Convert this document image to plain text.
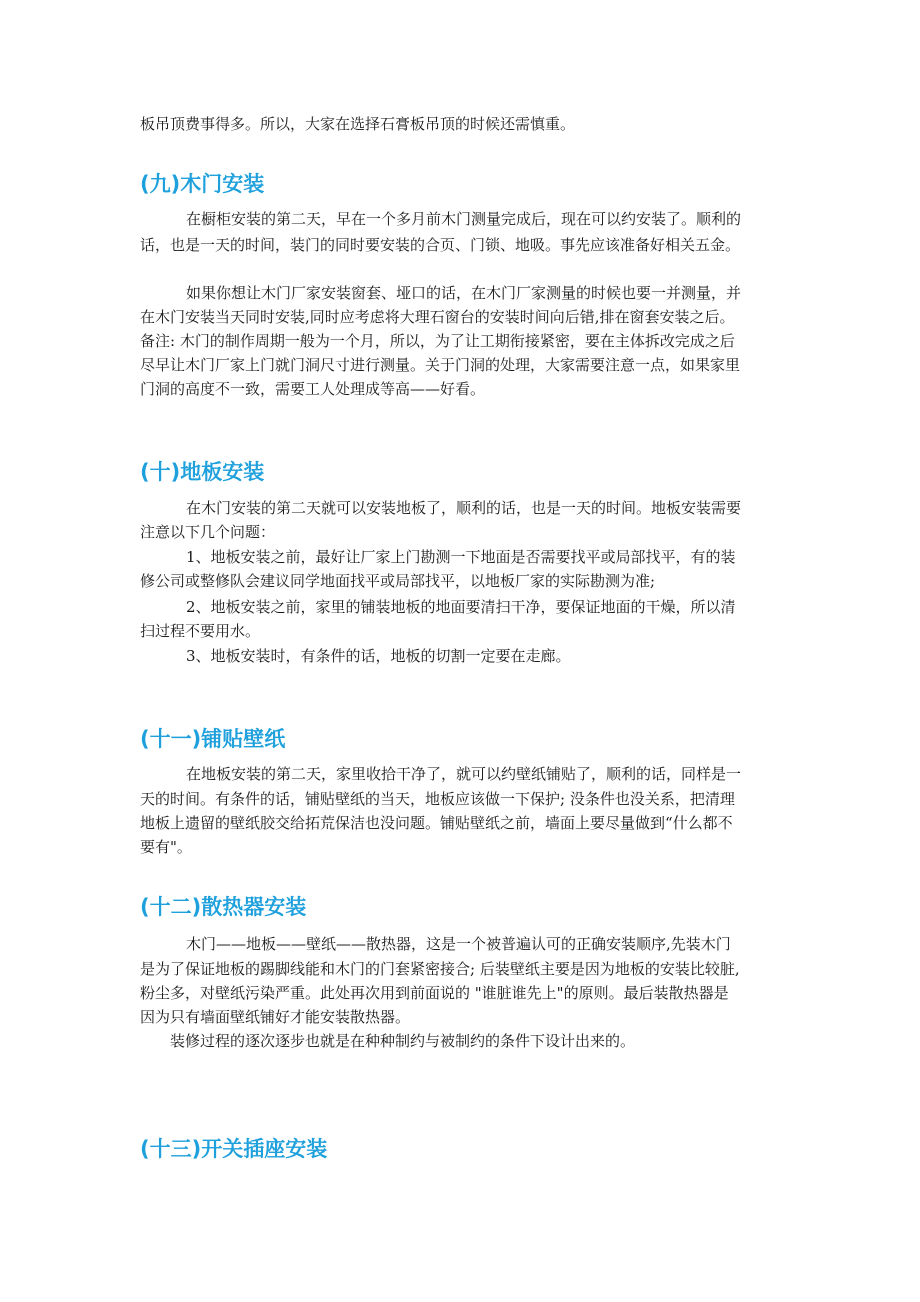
板吊顶费事得多。所以，大家在选择石膏板吊顶的时候还需慎重。
(九)木门安装
在橱柜安装的第二天，早在一个多月前木门测量完成后，现在可以约安装了。顺利的
话，也是一天的时间，装门的同时要安装的合页、门锁、地吸。事先应该准备好相关五金。
如果你想让木门厂家安装窗套、垭口的话，在木门厂家测量的时候也要一并测量，并
在木门安装当天同时安装,同时应考虑将大理石窗台的安装时间向后错,排在窗套安装之后。
备注: 木门的制作周期一般为一个月，所以，为了让工期衔接紧密，要在主体拆改完成之后
尽早让木门厂家上门就门洞尺寸进行测量。关于门洞的处理，大家需要注意一点，如果家里
门洞的高度不一致，需要工人处理成等高——好看。
(十)地板安装
在木门安装的第二天就可以安装地板了，顺利的话，也是一天的时间。地板安装需要
注意以下几个问题：
1、地板安装之前，最好让厂家上门勘测一下地面是否需要找平或局部找平，有的装
修公司或整修队会建议同学地面找平或局部找平，以地板厂家的实际勘测为准;
2、地板安装之前，家里的铺装地板的地面要清扫干净，要保证地面的干燥，所以清
扫过程不要用水。
3、地板安装时，有条件的话，地板的切割一定要在走廊。
(十一)铺贴壁纸
在地板安装的第二天，家里收拾干净了，就可以约壁纸铺贴了，顺利的话，同样是一
天的时间。有条件的话，铺贴壁纸的当天，地板应该做一下保护; 没条件也没关系，把清理
地板上遗留的壁纸胶交给拓荒保洁也没问题。铺贴壁纸之前，墙面上要尽量做到“什么都不
要有"。
(十二)散热器安装
木门——地板——壁纸——散热器，这是一个被普遍认可的正确安装顺序,先装木门
是为了保证地板的踢脚线能和木门的门套紧密接合; 后装壁纸主要是因为地板的安装比较脏,
粉尘多，对壁纸污染严重。此处再次用到前面说的 "谁脏谁先上"的原则。最后装散热器是
因为只有墙面壁纸铺好才能安装散热器。
装修过程的逐次逐步也就是在种种制约与被制约的条件下设计出来的。
(十三)开关插座安装
